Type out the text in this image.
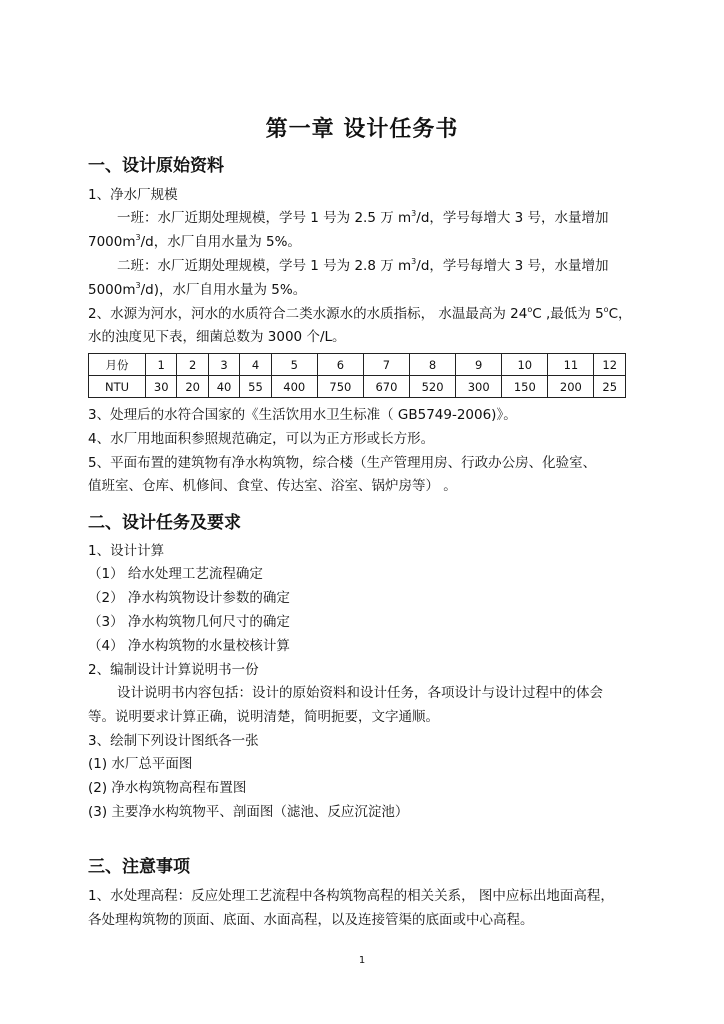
第一章 设计任务书
一、设计原始资料
1、净水厂规模
一班：水厂近期处理规模，学号 1 号为 2.5 万 $m^3/d$，学号每增大 3 号，水量增加
$7000m^3/d$，水厂自用水量为 5%。
二班：水厂近期处理规模，学号 1 号为 2.8 万 $m^3/d$，学号每增大 3 号，水量增加
$5000m^3/d$)，水厂自用水量为 5%。
2、水源为河水，河水的水质符合二类水源水的水质指标， 水温最高为 24$^o$C ,最低为 5$^o$C，
水的浊度见下表，细菌总数为 3000 个/L。
月份	1	2	3	4	5	6	7	8	9	10	11	12
NTU	30	20	40	55	400	750	670	520	300	150	200	25
3、处理后的水符合国家的《生活饮用水卫生标准（ GB5749-2006)》。
4、水厂用地面积参照规范确定，可以为正方形或长方形。
5、平面布置的建筑物有净水构筑物，综合楼（生产管理用房、行政办公房、化验室、
值班室、仓库、机修间、食堂、传达室、浴室、锅炉房等） 。
二、设计任务及要求
1、设计计算
（1） 给水处理工艺流程确定
（2） 净水构筑物设计参数的确定
（3） 净水构筑物几何尺寸的确定
（4） 净水构筑物的水量校核计算
2、编制设计计算说明书一份
设计说明书内容包括：设计的原始资料和设计任务，各项设计与设计过程中的体会
等。说明要求计算正确，说明清楚，简明扼要，文字通顺。
3、绘制下列设计图纸各一张
(1) 水厂总平面图
(2) 净水构筑物高程布置图
(3) 主要净水构筑物平、剖面图（滤池、反应沉淀池）
三、注意事项
1、水处理高程：反应处理工艺流程中各构筑物高程的相关关系， 图中应标出地面高程，
各处理构筑物的顶面、底面、水面高程，以及连接管渠的底面或中心高程。
1
